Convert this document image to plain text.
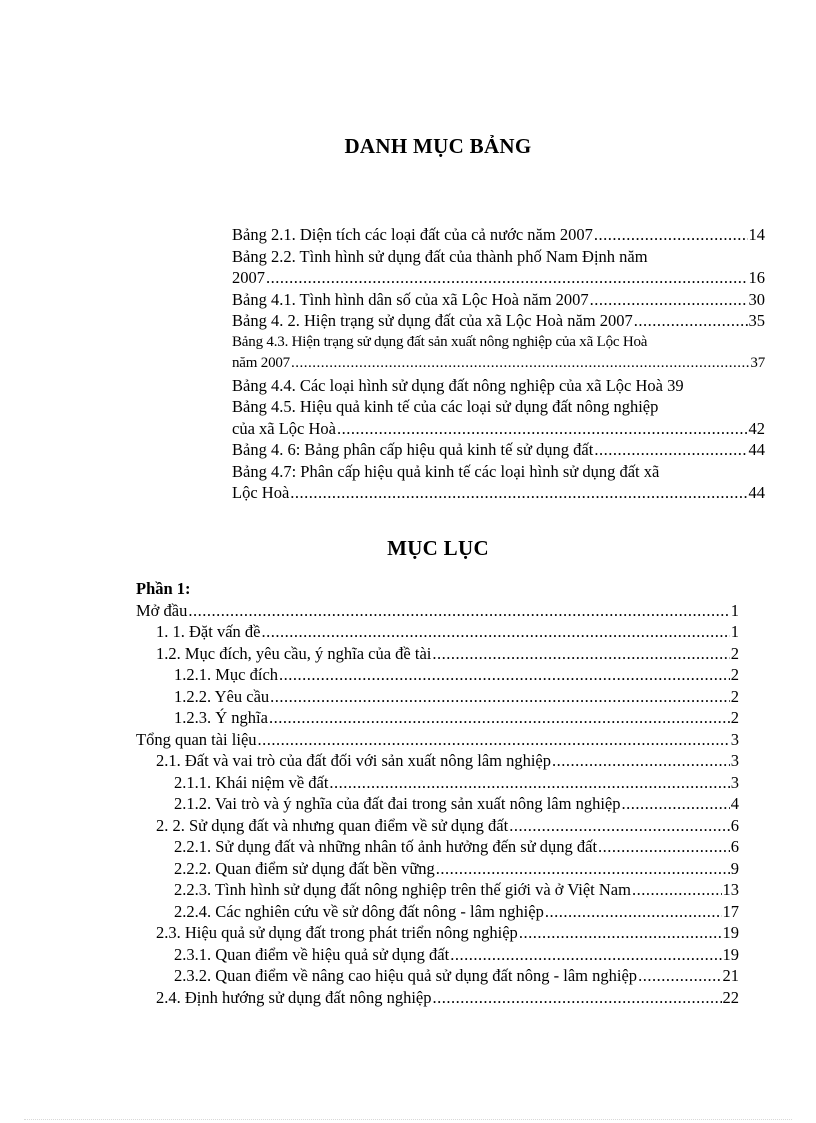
DANH MỤC BẢNG
Bảng 2.1. Diện tích các loại đất của cả nước năm 2007 .....	14
Bảng 2.2. Tình hình sử dụng đất của thành phố Nam Định năm
2007 .....	16
Bảng 4.1. Tình hình dân số của xã Lộc Hoà năm 2007 .....	30
Bảng 4. 2. Hiện trạng sử dụng đất của xã Lộc Hoà năm 2007 .....	35
Bảng 4.3. Hiện trạng sử dụng đất sản xuất nông nghiệp của xã Lộc Hoà
năm 2007 .....	37
Bảng 4.4. Các loại hình sử dụng đất nông nghiệp của xã Lộc Hoà 39
Bảng 4.5. Hiệu quả kinh tế của các loại sử dụng đất nông nghiệp
của xã Lộc Hoà .....	42
Bảng 4. 6: Bảng phân cấp hiệu quả kinh tế sử dụng đất .....	44
Bảng 4.7: Phân cấp hiệu quả kinh tế các loại hình sử dụng đất xã
Lộc Hoà .....	44
MỤC LỤC
Phần 1:
Mở đầu .....	1
1. 1. Đặt vấn đề .....	1
1.2. Mục đích, yêu cầu, ý nghĩa của đề tài .....	2
1.2.1. Mục đích .....	2
1.2.2. Yêu cầu .....	2
1.2.3. Ý nghĩa .....	2
Tổng quan tài liệu .....	3
2.1. Đất và vai trò của đất đối với sản xuất nông lâm nghiệp .....	3
2.1.1. Khái niệm về đất .....	3
2.1.2. Vai trò và ý nghĩa của đất đai trong sản xuất nông lâm nghiệp .....	4
2. 2. Sử dụng đất và nhưng quan điểm về sử dụng đất .....	6
2.2.1. Sử dụng đất và những nhân tố ảnh hưởng đến sử dụng đất .....	6
2.2.2. Quan điểm sử dụng đất bền vững .....	9
2.2.3. Tình hình sử dụng đất nông nghiệp trên thế giới và ở Việt Nam .....	13
2.2.4. Các nghiên cứu về sử dông đất nông - lâm nghiệp .....	17
2.3. Hiệu quả sử dụng đất trong phát triển nông nghiệp .....	19
2.3.1. Quan điểm về hiệu quả sử dụng đất .....	19
2.3.2. Quan điểm về nâng cao hiệu quả sử dụng đất nông - lâm nghiệp .....	21
2.4. Định hướng sử dụng đất nông nghiệp .....	22
